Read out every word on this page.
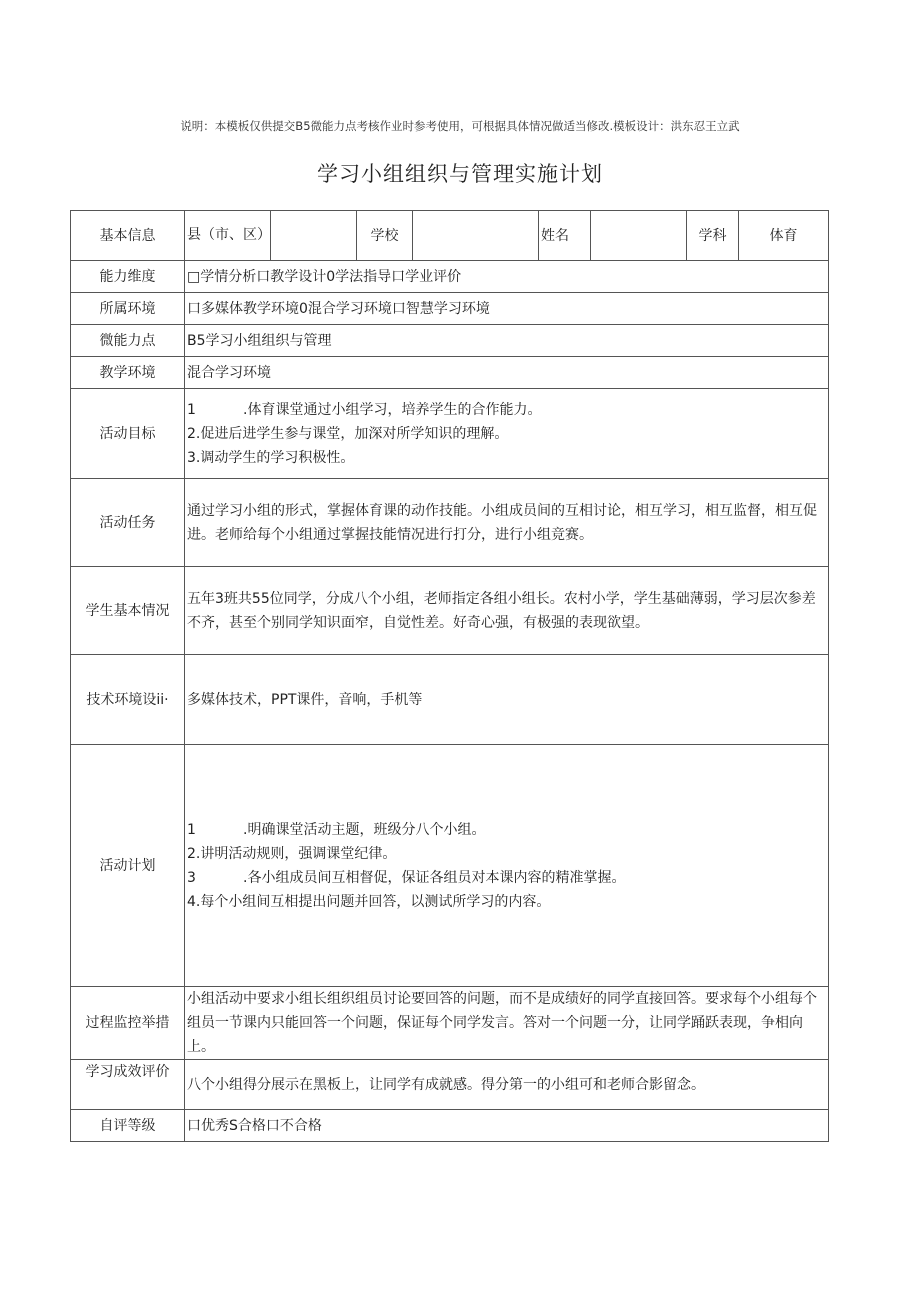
说明：本模板仅供提交B5微能力点考核作业时参考使用，可根据具体情况做适当修改.模板设计：洪东忍王立武
学习小组组织与管理实施计划
基本信息	县（市、区）		学校		姓名		学科	体育
能力维度	□学情分析口教学设计0学法指导口学业评价							
所属环境	口多媒体教学环境0混合学习环境口智慧学习环境							
微能力点	B5学习小组组织与管理							
教学环境	混合学习环境							
活动目标	1 .体育课堂通过小组学习，培养学生的合作能力。
2.促进后进学生参与课堂，加深对所学知识的理解。
3.调动学生的学习积极性。							

活动任务	通过学习小组的形式，掌握体育课的动作技能。小组成员间的互相讨论，相互学习，相互监督，相互促进。老师给每个小组通过掌握技能情况进行打分，进行小组竞赛。							
学生基本情况	五年3班共55位同学，分成八个小组，老师指定各组小组长。农村小学，学生基础薄弱，学习层次参差不齐，甚至个别同学知识面窄，自觉性差。好奇心强，有极强的表现欲望。							
技术环境设ii·	多媒体技术，PPT课件，音响，手机等							
活动计划	1 .明确课堂活动主题，班级分八个小组。
2.讲明活动规则，强调课堂纪律。
3 .各小组成员间互相督促，保证各组员对本课内容的精准掌握。
4.每个小组间互相提出问题并回答，以测试所学习的内容。							

过程监控举措	小组活动中要求小组长组织组员讨论要回答的问题，而不是成绩好的同学直接回答。要求每个小组每个组员一节课内只能回答一个问题，保证每个同学发言。答对一个问题一分，让同学踊跃表现，争相向上。							
学习成效评价	八个小组得分展示在黑板上，让同学有成就感。得分第一的小组可和老师合影留念。							
自评等级	口优秀S合格口不合格							
